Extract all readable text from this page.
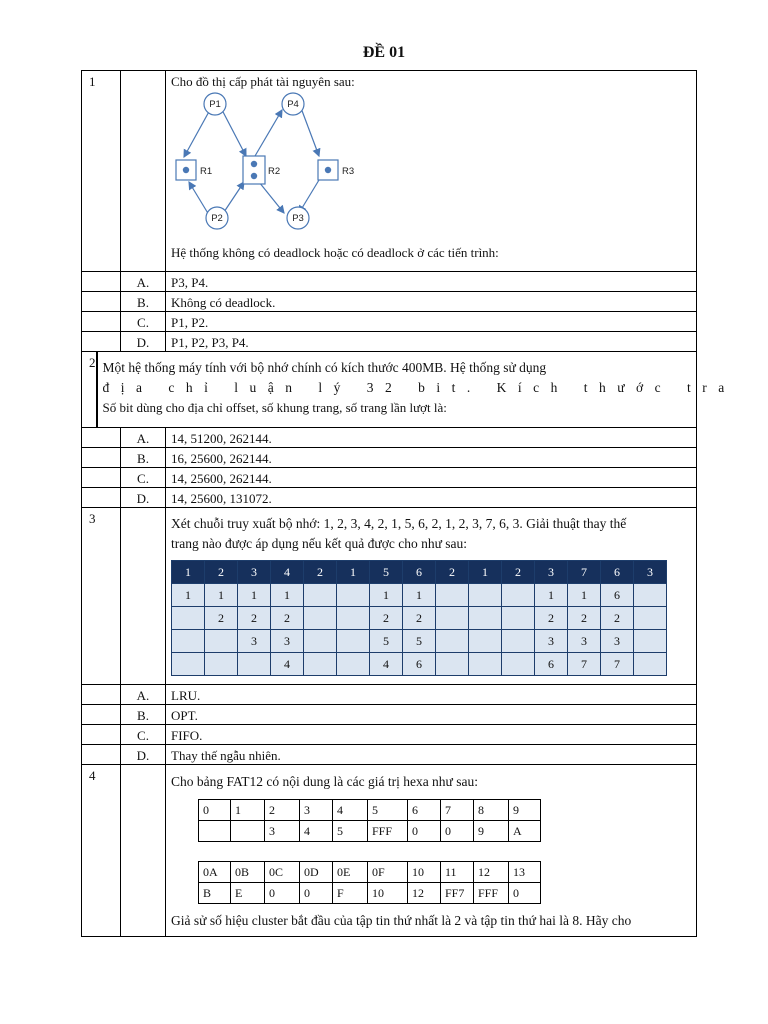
ĐỀ 01
1	Cho đồ thị cấp phát tài nguyên sau:
P1	P4
R1	R2	R3
P2	P3
Hệ thống không có deadlock hoặc có deadlock ở các tiến trình:
A.	P3, P4.
B.	Không có deadlock.
C.	P1, P2.
D.	P1, P2, P3, P4.
2 Một hệ thống máy tính với bộ nhớ chính có kích thước 400MB. Hệ thống sử dụng
địa chỉ luận lý 32 bit. Kích thước tra
Số bit dùng cho địa chỉ offset, số khung trang, số trang lần lượt là:
A.	14, 51200, 262144.
B.	16, 25600, 262144.
C.	14, 25600, 262144.
D.	14, 25600, 131072.
3	Xét chuỗi truy xuất bộ nhớ: 1, 2, 3, 4, 2, 1, 5, 6, 2, 1, 2, 3, 7, 6, 3. Giải thuật thay thế
trang nào được áp dụng nếu kết quả được cho như sau:
1	2	3	4	2	1	5	6	2	1	2	3	7	6	3
1	1	1	1			1	1				1	1	6	
	2	2	2			2	2				2	2	2	
		3	3			5	5				3	3	3	
			4			4	6				6	7	7	
A.	LRU.
B.	OPT.
C.	FIFO.
D.	Thay thế ngẫu nhiên.
4	Cho bảng FAT12 có nội dung là các giá trị hexa như sau:
0	1	2	3	4	5	6	7	8	9
		3	4	5	FFF	0	0	9	A
0A	0B	0C	0D	0E	0F	10	11	12	13
B	E	0	0	F	10	12	FF7	FFF	0
Giả sử số hiệu cluster bắt đầu của tập tin thứ nhất là 2 và tập tin thứ hai là 8. Hãy cho
